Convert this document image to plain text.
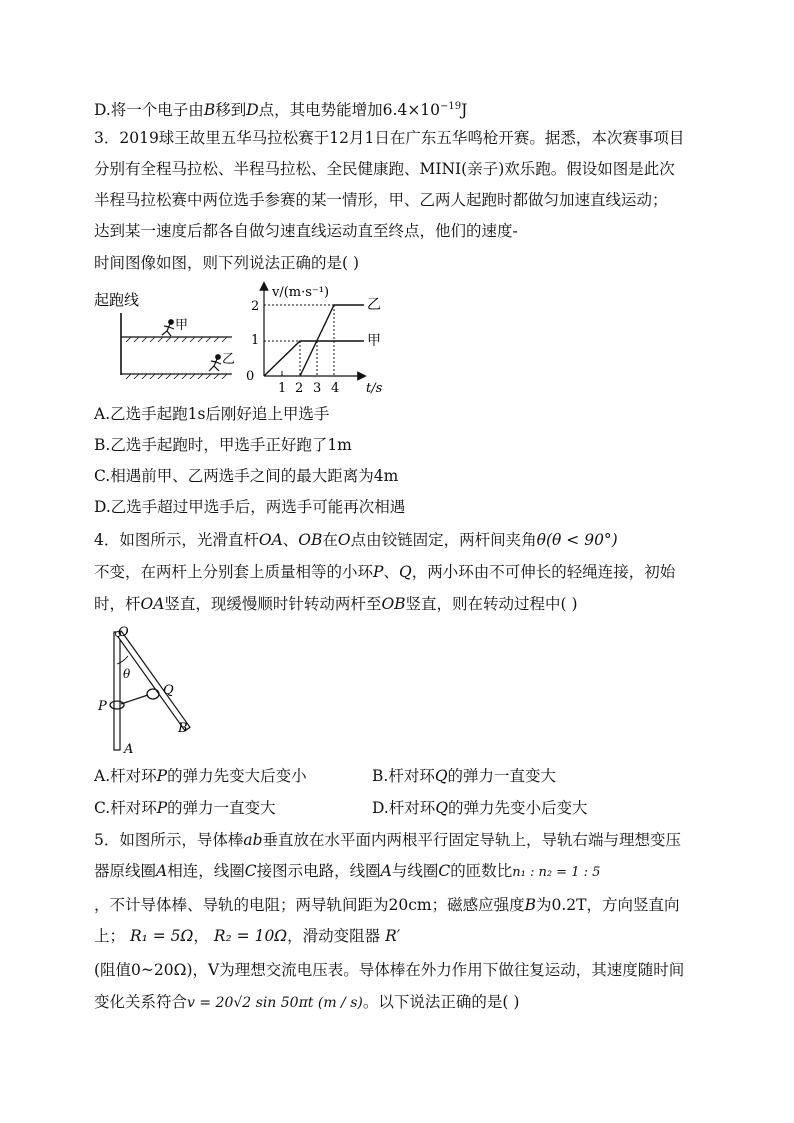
D.将一个电子由B移到D点，其电势能增加$6.4\times 10^{-19}J$
3．2019球王故里五华马拉松赛于12月1日在广东五华鸣枪开赛。据悉，本次赛事项目
分别有全程马拉松、半程马拉松、全民健康跑、MINI(亲子)欢乐跑。假设如图是此次
半程马拉松赛中两位选手参赛的某一情形，甲、乙两人起跑时都做匀加速直线运动；
达到某一速度后都各自做匀速直线运动直至终点，他们的速度-
时间图像如图，则下列说法正确的是( )
起跑线
甲
乙
v/(m·s⁻¹)
0
1
2
1 2 3 4 t/s
甲
乙
A.乙选手起跑1s后刚好追上甲选手
B.乙选手起跑时，甲选手正好跑了1m
C.相遇前甲、乙两选手之间的最大距离为4m
D.乙选手超过甲选手后，两选手可能再次相遇
4．如图所示，光滑直杆OA、OB在O点由铰链固定，两杆间夹角θ(θ < 90°)
不变，在两杆上分别套上质量相等的小环P、Q，两小环由不可伸长的轻绳连接，初始
时，杆OA竖直，现缓慢顺时针转动两杆至OB竖直，则在转动过程中( )
O
θ
P
Q
A
B
A.杆对环P的弹力先变大后变小	B.杆对环Q的弹力一直变大
C.杆对环P的弹力一直变大	D.杆对环Q的弹力先变小后变大
5．如图所示，导体棒ab垂直放在水平面内两根平行固定导轨上，导轨右端与理想变压
器原线圈A相连，线圈C接图示电路，线圈A与线圈C的匝数比n₁ : n₂ = 1 : 5
，不计导体棒、导轨的电阻；两导轨间距为20cm；磁感应强度B为0.2T，方向竖直向
上； R₁ = 5Ω， R₂ = 10Ω，滑动变阻器 R′
(阻值0~20Ω)，V为理想交流电压表。导体棒在外力作用下做往复运动，其速度随时间
变化关系符合v = 20√2 sin 50πt (m / s)。以下说法正确的是( )
